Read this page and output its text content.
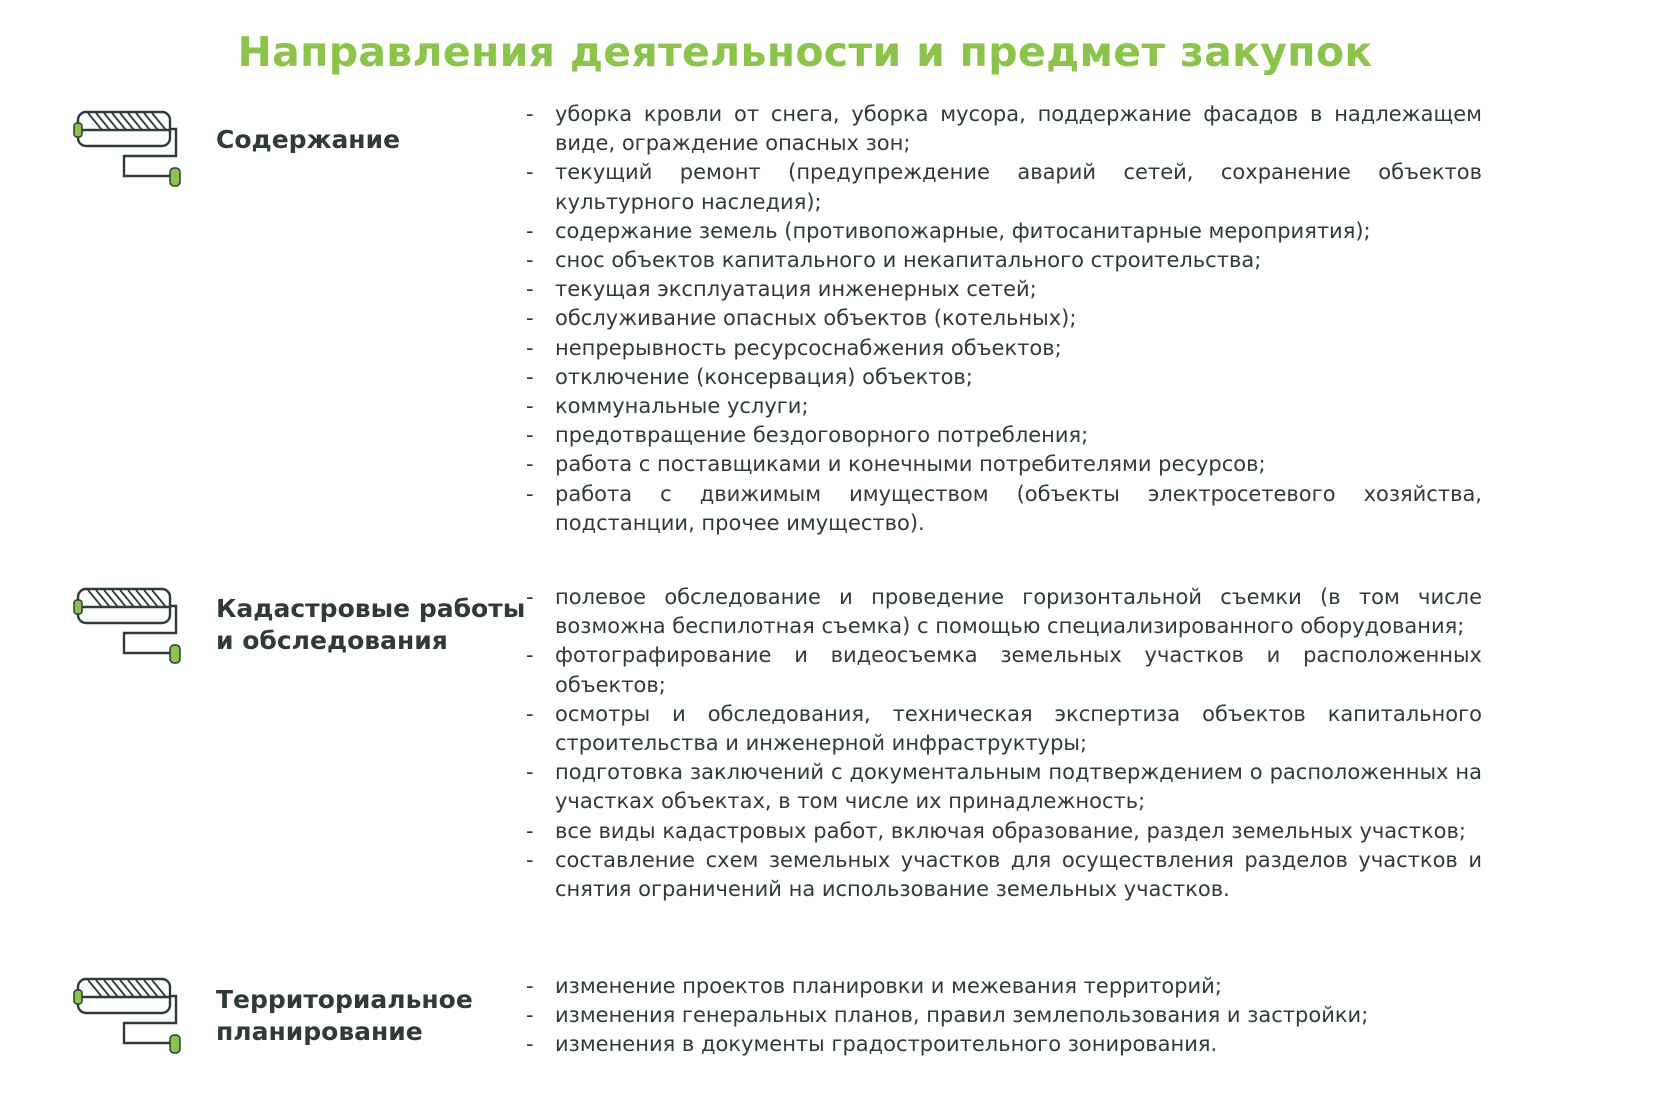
Направления деятельности и предмет закупок
Содержание
- уборка кровли от снега, уборка мусора, поддержание фасадов в надлежащем виде, ограждение опасных зон;
- текущий ремонт (предупреждение аварий сетей, сохранение объектов культурного наследия);
- содержание земель (противопожарные, фитосанитарные мероприятия);
- снос объектов капитального и некапитального строительства;
- текущая эксплуатация инженерных сетей;
- обслуживание опасных объектов (котельных);
- непрерывность ресурсоснабжения объектов;
- отключение (консервация) объектов;
- коммунальные услуги;
- предотвращение бездоговорного потребления;
- работа с поставщиками и конечными потребителями ресурсов;
- работа с движимым имуществом (объекты электросетевого хозяйства, подстанции, прочее имущество).
Кадастровые работы
и обследования
- полевое обследование и проведение горизонтальной съемки (в том числе возможна беспилотная съемка) с помощью специализированного оборудования;
- фотографирование и видеосъемка земельных участков и расположенных объектов;
- осмотры и обследования, техническая экспертиза объектов капитального строительства и инженерной инфраструктуры;
- подготовка заключений с документальным подтверждением о расположенных на участках объектах, в том числе их принадлежность;
- все виды кадастровых работ, включая образование, раздел земельных участков;
- составление схем земельных участков для осуществления разделов участков и снятия ограничений на использование земельных участков.
Территориальное
планирование
- изменение проектов планировки и межевания территорий;
- изменения генеральных планов, правил землепользования и застройки;
- изменения в документы градостроительного зонирования.
